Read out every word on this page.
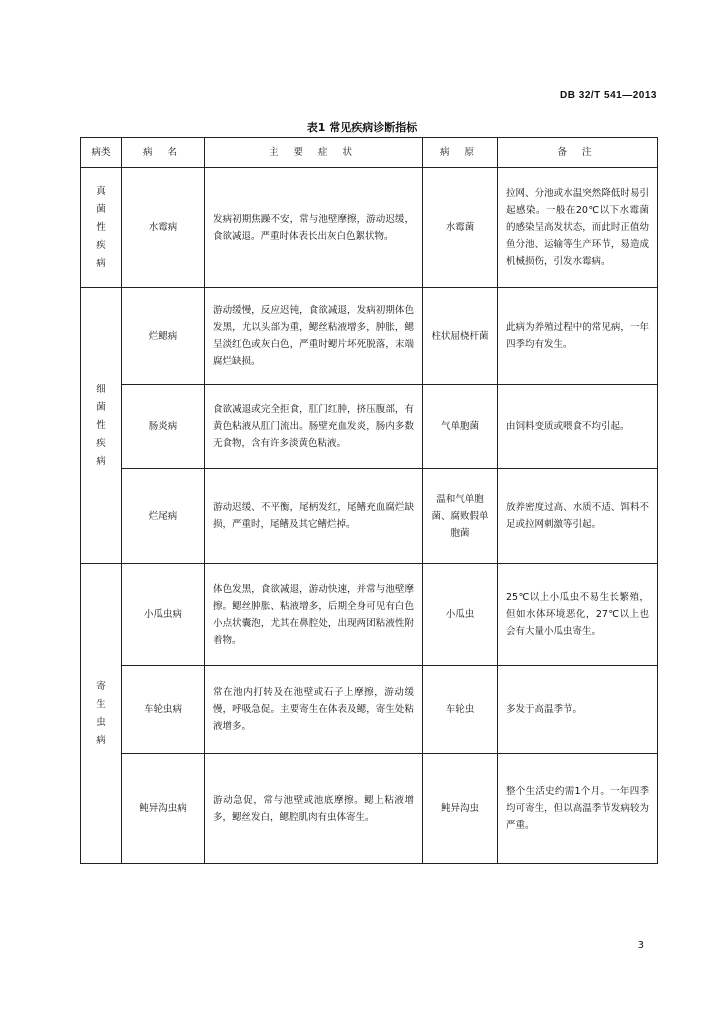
DB 32/T 541—2013
表1 常见疾病诊断指标
病类	病 名	主 要 症 状	病 原	备 注

真
菌
性
疾
病	水霉病	发病初期焦躁不安，常与池壁摩擦，游动迟缓，食欲减退。严重时体表长出灰白色絮状物。	水霉菌	拉网、分池或水温突然降低时易引起感染。一般在20℃以下水霉菌的感染呈高发状态，而此时正值幼鱼分池、运输等生产环节，易造成机械损伤，引发水霉病。

细
菌
性
疾
病	烂鳃病	游动缓慢，反应迟钝，食欲减退，发病初期体色发黑，尤以头部为重，鳃丝粘液增多，肿胀，鳃呈淡红色或灰白色，严重时鳃片坏死脱落，末端腐烂缺损。	柱状屈桡杆菌	此病为养殖过程中的常见病，一年四季均有发生。
	肠炎病	食欲减退或完全拒食，肛门红肿，挤压腹部，有黄色粘液从肛门流出。肠壁充血发炎，肠内多数无食物，含有许多淡黄色粘液。	气单胞菌	由饲料变质或喂食不均引起。
	烂尾病	游动迟缓、不平衡，尾柄发红，尾鳍充血腐烂缺损，严重时，尾鳍及其它鳍烂掉。	温和气单胞菌、腐败假单胞菌	放养密度过高、水质不适、饵料不足或拉网刺激等引起。

寄
生
虫
病	小瓜虫病	体色发黑，食欲减退，游动快速，并常与池壁摩擦。鳃丝肿胀、粘液增多，后期全身可见有白色小点状囊泡，尤其在鼻腔处，出现两团粘液性附着物。	小瓜虫	25℃以上小瓜虫不易生长繁殖，但如水体环境恶化，27℃以上也会有大量小瓜虫寄生。
	车轮虫病	常在池内打转及在池壁或石子上摩擦，游动缓慢，呼吸急促。主要寄生在体表及鳃，寄生处粘液增多。	车轮虫	多发于高温季节。
	鲀异沟虫病	游动急促，常与池壁或池底摩擦。鳃上粘液增多，鳃丝发白，鳃腔肌肉有虫体寄生。	鲀异沟虫	整个生活史约需1个月。一年四季均可寄生，但以高温季节发病较为严重。
3
